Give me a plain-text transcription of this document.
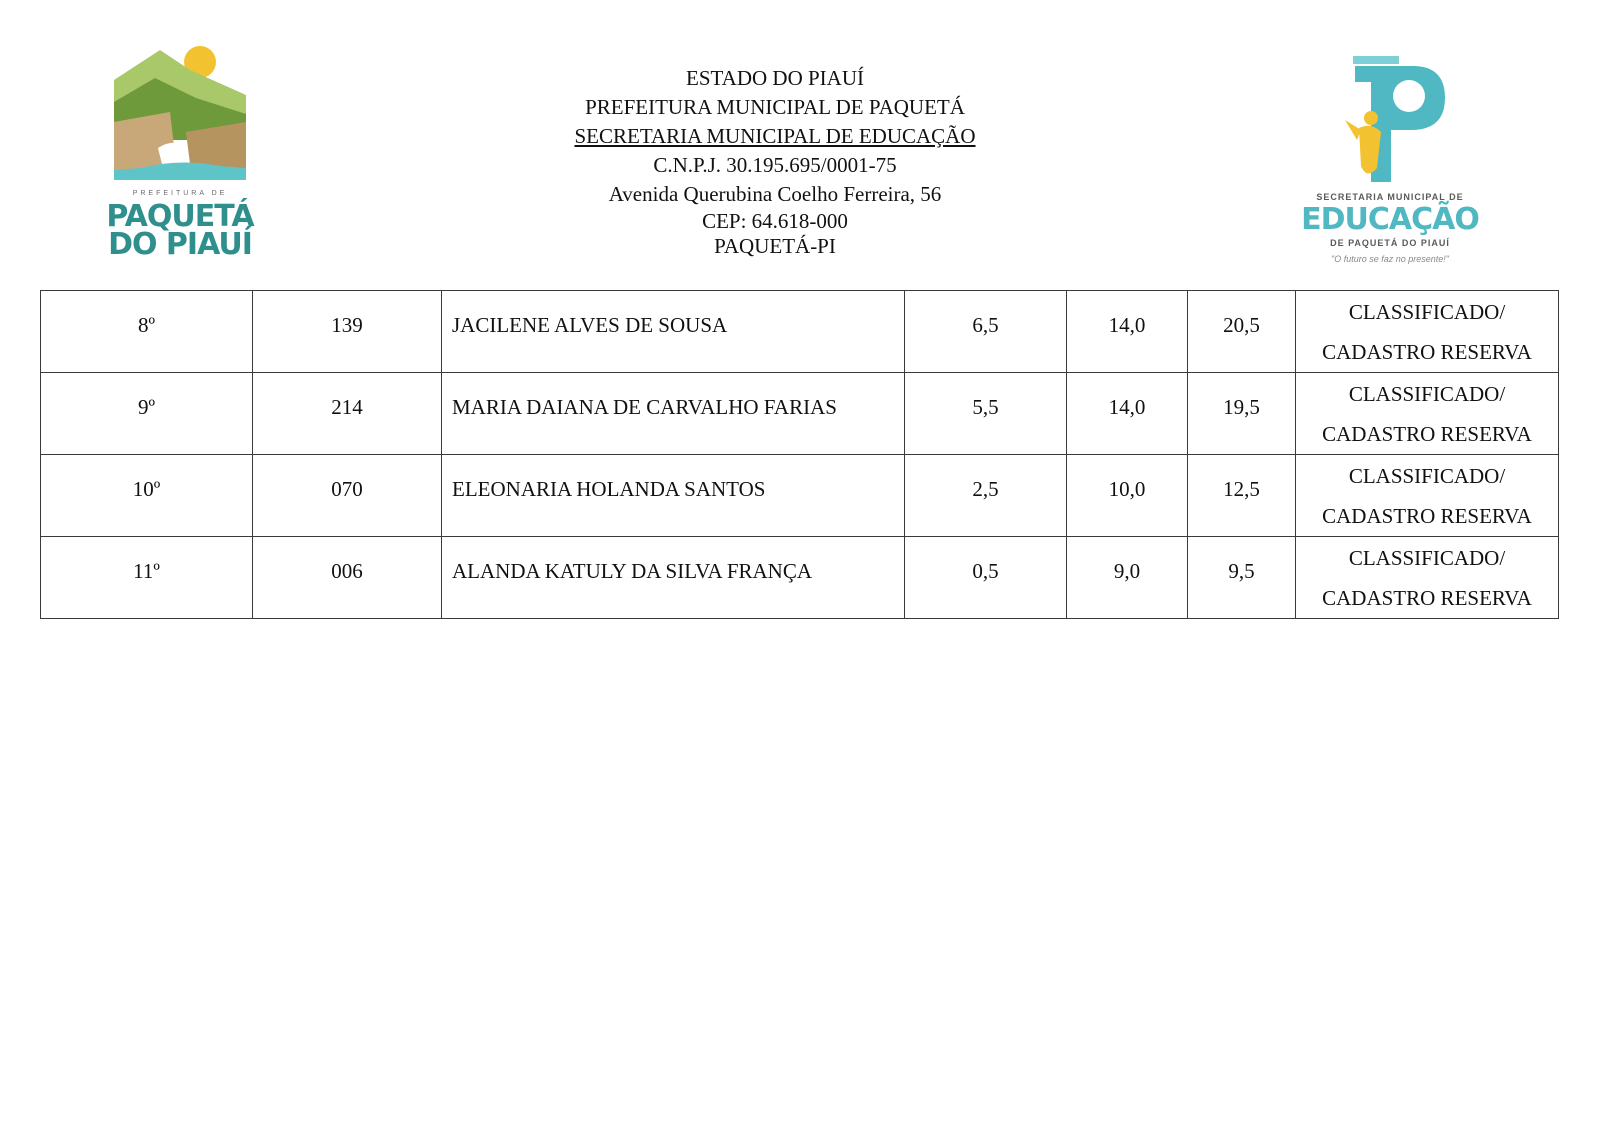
PREFEITURA DE
PAQUETÁ
DO PIAUÍ
ESTADO DO PIAUÍ
PREFEITURA MUNICIPAL DE PAQUETÁ
SECRETARIA MUNICIPAL DE EDUCAÇÃO
C.N.P.J. 30.195.695/0001-75
Avenida Querubina Coelho Ferreira, 56
CEP: 64.618-000
PAQUETÁ-PI
SECRETARIA MUNICIPAL DE
EDUCAÇÃO
DE PAQUETÁ DO PIAUÍ
"O futuro se faz no presente!"
8º	139	JACILENE ALVES DE SOUSA	6,5	14,0	20,5	CLASSIFICADO/
CADASTRO RESERVA

9º	214	MARIA DAIANA DE CARVALHO FARIAS	5,5	14,0	19,5	CLASSIFICADO/
CADASTRO RESERVA

10º	070	ELEONARIA HOLANDA SANTOS	2,5	10,0	12,5	CLASSIFICADO/
CADASTRO RESERVA

11º	006	ALANDA KATULY DA SILVA FRANÇA	0,5	9,0	9,5	CLASSIFICADO/
CADASTRO RESERVA
